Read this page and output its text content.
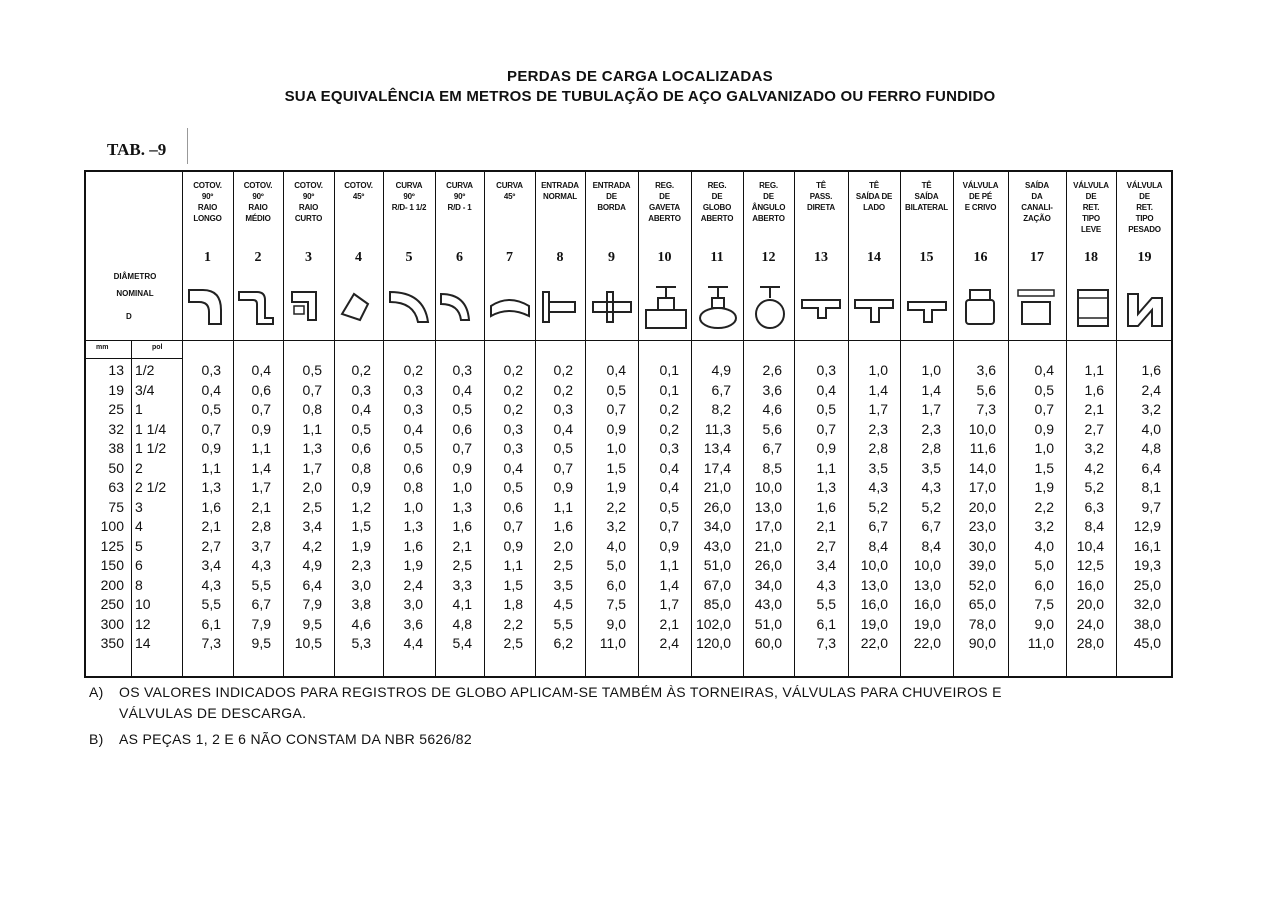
PERDAS DE CARGA LOCALIZADAS
SUA EQUIVALÊNCIA EM METROS DE TUBULAÇÃO DE AÇO GALVANIZADO OU FERRO FUNDIDO
TAB. –9
DIÂMETRO
NOMINAL
D
mm	pol
COTOV.
90º
RAIO
LONGO
1
COTOV.
90º
RAIO
MÉDIO
2
COTOV.
90º
RAIO
CURTO
3
COTOV.
45º
4
CURVA
90º
R/D- 1 1/2
5
CURVA
90º
R/D - 1
6
CURVA
45º
7
ENTRADA
NORMAL
8
ENTRADA
DE
BORDA
9
REG.
DE
GAVETA
ABERTO
10
REG.
DE
GLOBO
ABERTO
11
REG.
DE
ÂNGULO
ABERTO
12
TÊ
PASS.
DIRETA
13
TÊ
SAÍDA DE
LADO
14
TÊ
SAÍDA
BILATERAL
15
VÁLVULA
DE PÉ
E CRIVO
16
SAÍDA
DA
CANALI-
ZAÇÃO
17
VÁLVULA
DE
RET.
TIPO
LEVE
18
VÁLVULA
DE
RET.
TIPO
PESADO
19
13 1/2	0,3	0,4	0,5	0,2	0,2	0,3	0,2	0,2	0,4	0,1	4,9	2,6	0,3	1,0	1,0	3,6	0,4	1,1	1,6
19 3/4	0,4	0,6	0,7	0,3	0,3	0,4	0,2	0,2	0,5	0,1	6,7	3,6	0,4	1,4	1,4	5,6	0,5	1,6	2,4
25 1	0,5	0,7	0,8	0,4	0,3	0,5	0,2	0,3	0,7	0,2	8,2	4,6	0,5	1,7	1,7	7,3	0,7	2,1	3,2
32 1 1/4	0,7	0,9	1,1	0,5	0,4	0,6	0,3	0,4	0,9	0,2	11,3	5,6	0,7	2,3	2,3	10,0	0,9	2,7	4,0
38 1 1/2	0,9	1,1	1,3	0,6	0,5	0,7	0,3	0,5	1,0	0,3	13,4	6,7	0,9	2,8	2,8	11,6	1,0	3,2	4,8
50 2	1,1	1,4	1,7	0,8	0,6	0,9	0,4	0,7	1,5	0,4	17,4	8,5	1,1	3,5	3,5	14,0	1,5	4,2	6,4
63 2 1/2	1,3	1,7	2,0	0,9	0,8	1,0	0,5	0,9	1,9	0,4	21,0	10,0	1,3	4,3	4,3	17,0	1,9	5,2	8,1
75 3	1,6	2,1	2,5	1,2	1,0	1,3	0,6	1,1	2,2	0,5	26,0	13,0	1,6	5,2	5,2	20,0	2,2	6,3	9,7
100 4	2,1	2,8	3,4	1,5	1,3	1,6	0,7	1,6	3,2	0,7	34,0	17,0	2,1	6,7	6,7	23,0	3,2	8,4	12,9
125 5	2,7	3,7	4,2	1,9	1,6	2,1	0,9	2,0	4,0	0,9	43,0	21,0	2,7	8,4	8,4	30,0	4,0	10,4	16,1
150 6	3,4	4,3	4,9	2,3	1,9	2,5	1,1	2,5	5,0	1,1	51,0	26,0	3,4	10,0	10,0	39,0	5,0	12,5	19,3
200 8	4,3	5,5	6,4	3,0	2,4	3,3	1,5	3,5	6,0	1,4	67,0	34,0	4,3	13,0	13,0	52,0	6,0	16,0	25,0
250 10	5,5	6,7	7,9	3,8	3,0	4,1	1,8	4,5	7,5	1,7	85,0	43,0	5,5	16,0	16,0	65,0	7,5	20,0	32,0
300 12	6,1	7,9	9,5	4,6	3,6	4,8	2,2	5,5	9,0	2,1	102,0	51,0	6,1	19,0	19,0	78,0	9,0	24,0	38,0
350 14	7,3	9,5	10,5	5,3	4,4	5,4	2,5	6,2	11,0	2,4	120,0	60,0	7,3	22,0	22,0	90,0	11,0	28,0	45,0
A) OS VALORES INDICADOS PARA REGISTROS DE GLOBO APLICAM-SE TAMBÉM ÀS TORNEIRAS, VÁLVULAS PARA CHUVEIROS E
VÁLVULAS DE DESCARGA.
B) AS PEÇAS 1, 2 E 6 NÃO CONSTAM DA NBR 5626/82
